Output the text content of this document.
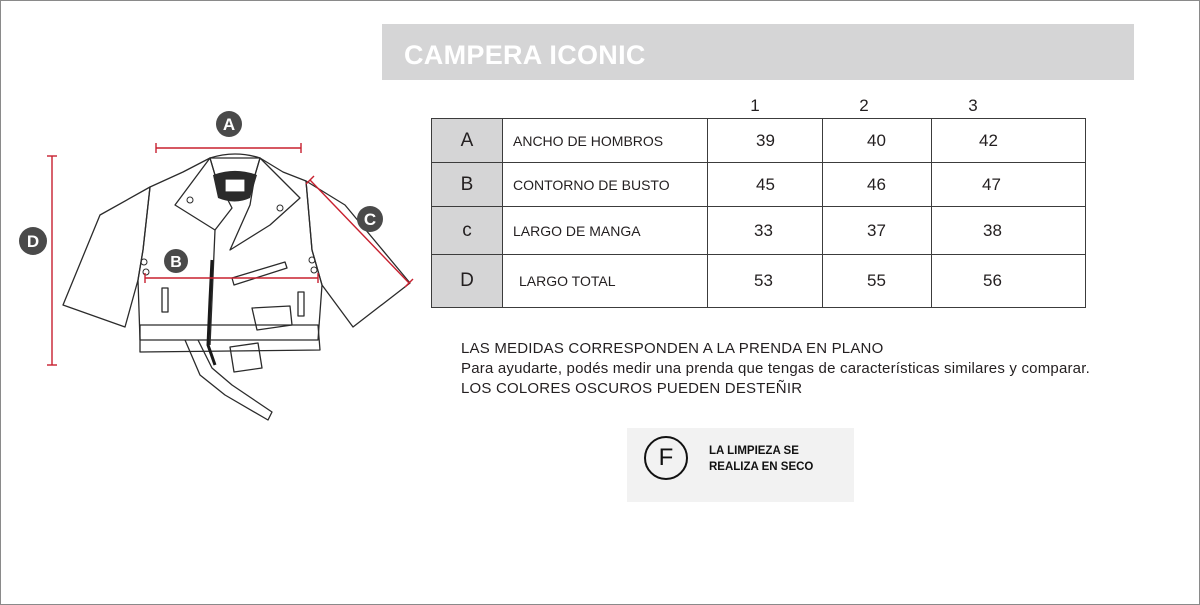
CAMPERA ICONIC
A
B
C
D
1	2	3
A	ANCHO DE HOMBROS	39	40	42
B	CONTORNO DE BUSTO	45	46	47
c	LARGO DE MANGA	33	37	38
D	LARGO TOTAL	53	55	56
LAS MEDIDAS CORRESPONDEN A LA PRENDA EN PLANO
Para ayudarte, podés medir una prenda que tengas de características similares y comparar.
LOS COLORES OSCUROS PUEDEN DESTEÑIR
F	LA LIMPIEZA SE
REALIZA EN SECO
